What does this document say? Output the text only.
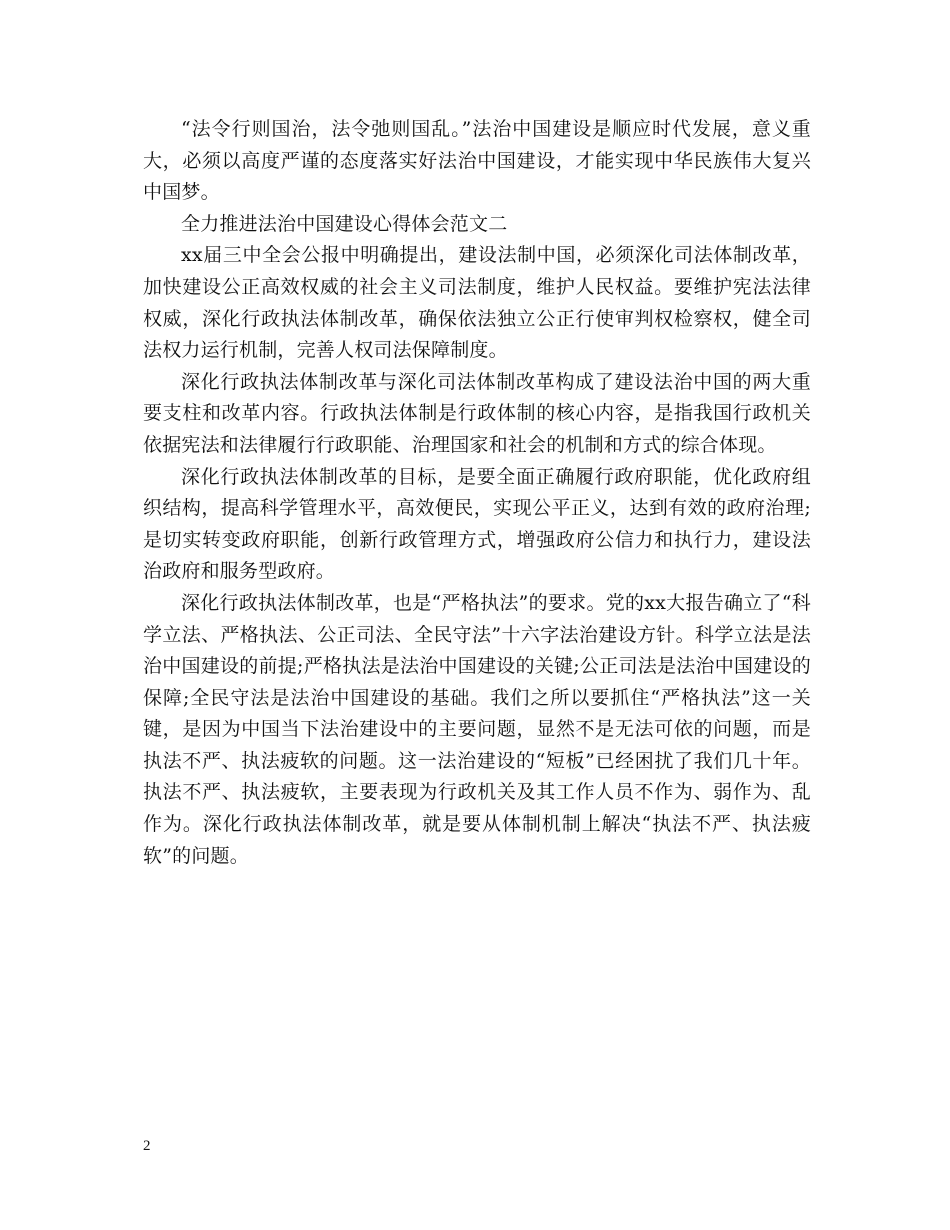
“法令行则国治，法令弛则国乱。”法治中国建设是顺应时代发展，意义重大，必须以高度严谨的态度落实好法治中国建设，才能实现中华民族伟大复兴中国梦。

全力推进法治中国建设心得体会范文二

xx届三中全会公报中明确提出，建设法制中国，必须深化司法体制改革，加快建设公正高效权威的社会主义司法制度，维护人民权益。要维护宪法法律权威，深化行政执法体制改革，确保依法独立公正行使审判权检察权，健全司法权力运行机制，完善人权司法保障制度。

深化行政执法体制改革与深化司法体制改革构成了建设法治中国的两大重要支柱和改革内容。行政执法体制是行政体制的核心内容，是指我国行政机关依据宪法和法律履行行政职能、治理国家和社会的机制和方式的综合体现。

深化行政执法体制改革的目标，是要全面正确履行政府职能，优化政府组织结构，提高科学管理水平，高效便民，实现公平正义，达到有效的政府治理;是切实转变政府职能，创新行政管理方式，增强政府公信力和执行力，建设法治政府和服务型政府。

深化行政执法体制改革，也是“严格执法”的要求。党的xx大报告确立了“科学立法、严格执法、公正司法、全民守法”十六字法治建设方针。科学立法是法治中国建设的前提;严格执法是法治中国建设的关键;公正司法是法治中国建设的保障;全民守法是法治中国建设的基础。我们之所以要抓住“严格执法”这一关键，是因为中国当下法治建设中的主要问题，显然不是无法可依的问题，而是执法不严、执法疲软的问题。这一法治建设的“短板”已经困扰了我们几十年。执法不严、执法疲软，主要表现为行政机关及其工作人员不作为、弱作为、乱作为。深化行政执法体制改革，就是要从体制机制上解决“执法不严、执法疲软”的问题。

2
